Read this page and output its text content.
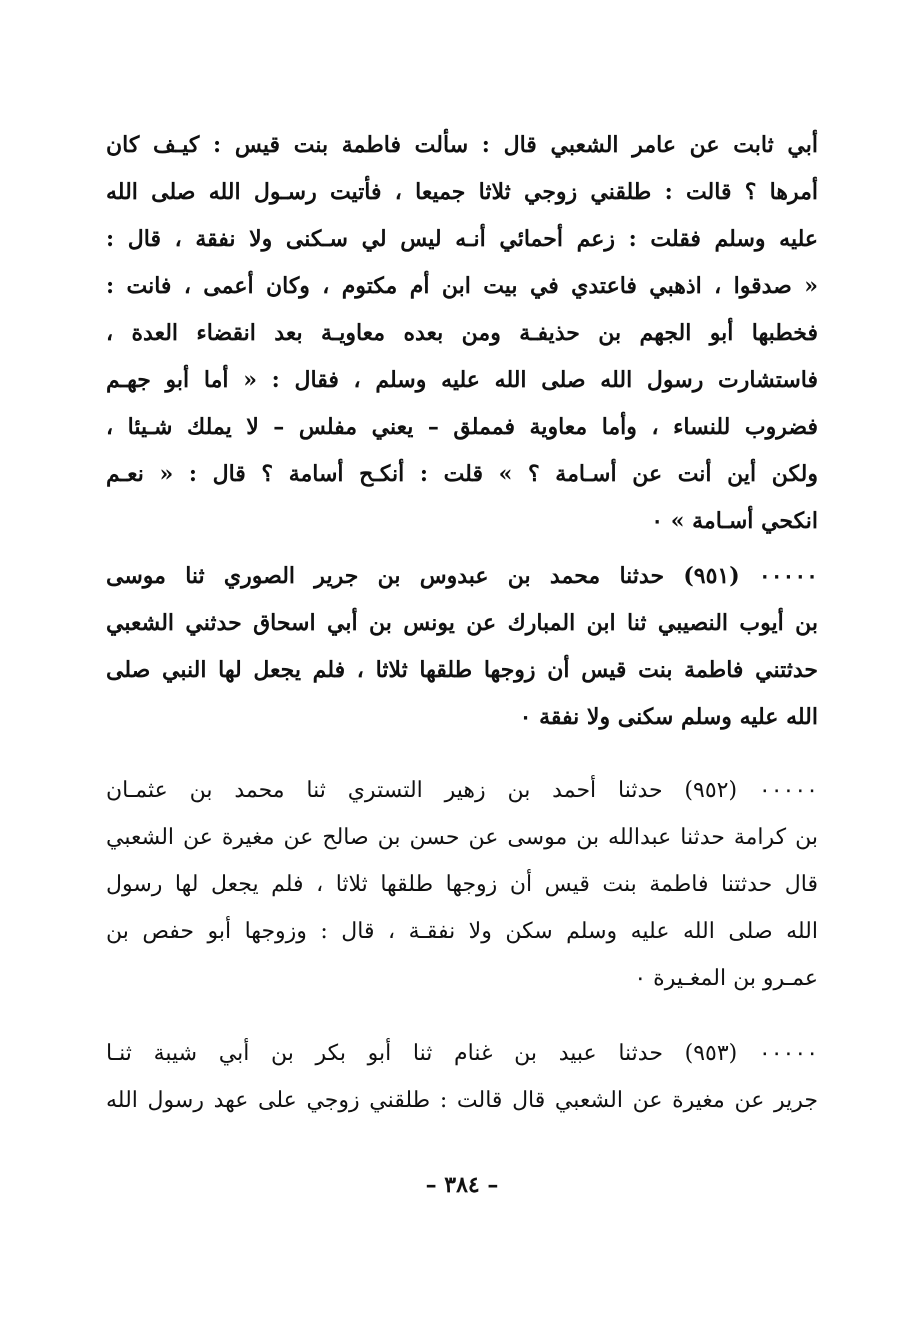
أبي ثابت عن عامر الشعبي قال : سألت فاطمة بنت قيس : كيـف كان
أمرها ؟ قالت : طلقني زوجي ثلاثا جميعا ، فأتيت رسـول الله صلى الله
عليه وسلم فقلت : زعم أحمائي أنـه ليس لي سـكنى ولا نفقة ، قال :
« صدقوا ، اذهبي فاعتدي في بيت ابن أم مكتوم ، وكان أعمى ، فانت :
فخطبها أبو الجهم بن حذيفـة ومن بعده معاويـة بعد انقضاء العدة ،
فاستشارت رسول الله صلى الله عليه وسلم ، فقال : « أما أبو جهـم
فضروب للنساء ، وأما معاوية فمملق – يعني مفلس – لا يملك شـيئا ،
ولكن أين أنت عن أسـامة ؟ » قلت : أنكـح أسامة ؟ قال : « نعـم
انكحي أسـامة » ٠
٠٠٠٠٠ (٩٥١) حدثنا محمد بن عبدوس بن جرير الصوري ثنا موسى
بن أيوب النصيبي ثنا ابن المبارك عن يونس بن أبي اسحاق حدثني الشعبي
حدثتني فاطمة بنت قيس أن زوجها طلقها ثلاثا ، فلم يجعل لها النبي صلى
الله عليه وسلم سكنى ولا نفقة ٠
٠٠٠٠٠ (٩٥٢) حدثنا أحمد بن زهير التستري ثنا محمد بن عثمـان
بن كرامة حدثنا عبدالله بن موسى عن حسن بن صالح عن مغيرة عن الشعبي
قال حدثتنا فاطمة بنت قيس أن زوجها طلقها ثلاثا ، فلم يجعل لها رسول
الله صلى الله عليه وسلم سكن ولا نفقـة ، قال : وزوجها أبو حفص بن
عمـرو بن المغـيرة ٠
٠٠٠٠٠ (٩٥٣) حدثنا عبيد بن غنام ثنا أبو بكر بن أبي شيبة ثنـا
جرير عن مغيرة عن الشعبي قال قالت : طلقني زوجي على عهد رسول الله
– ٣٨٤ –
